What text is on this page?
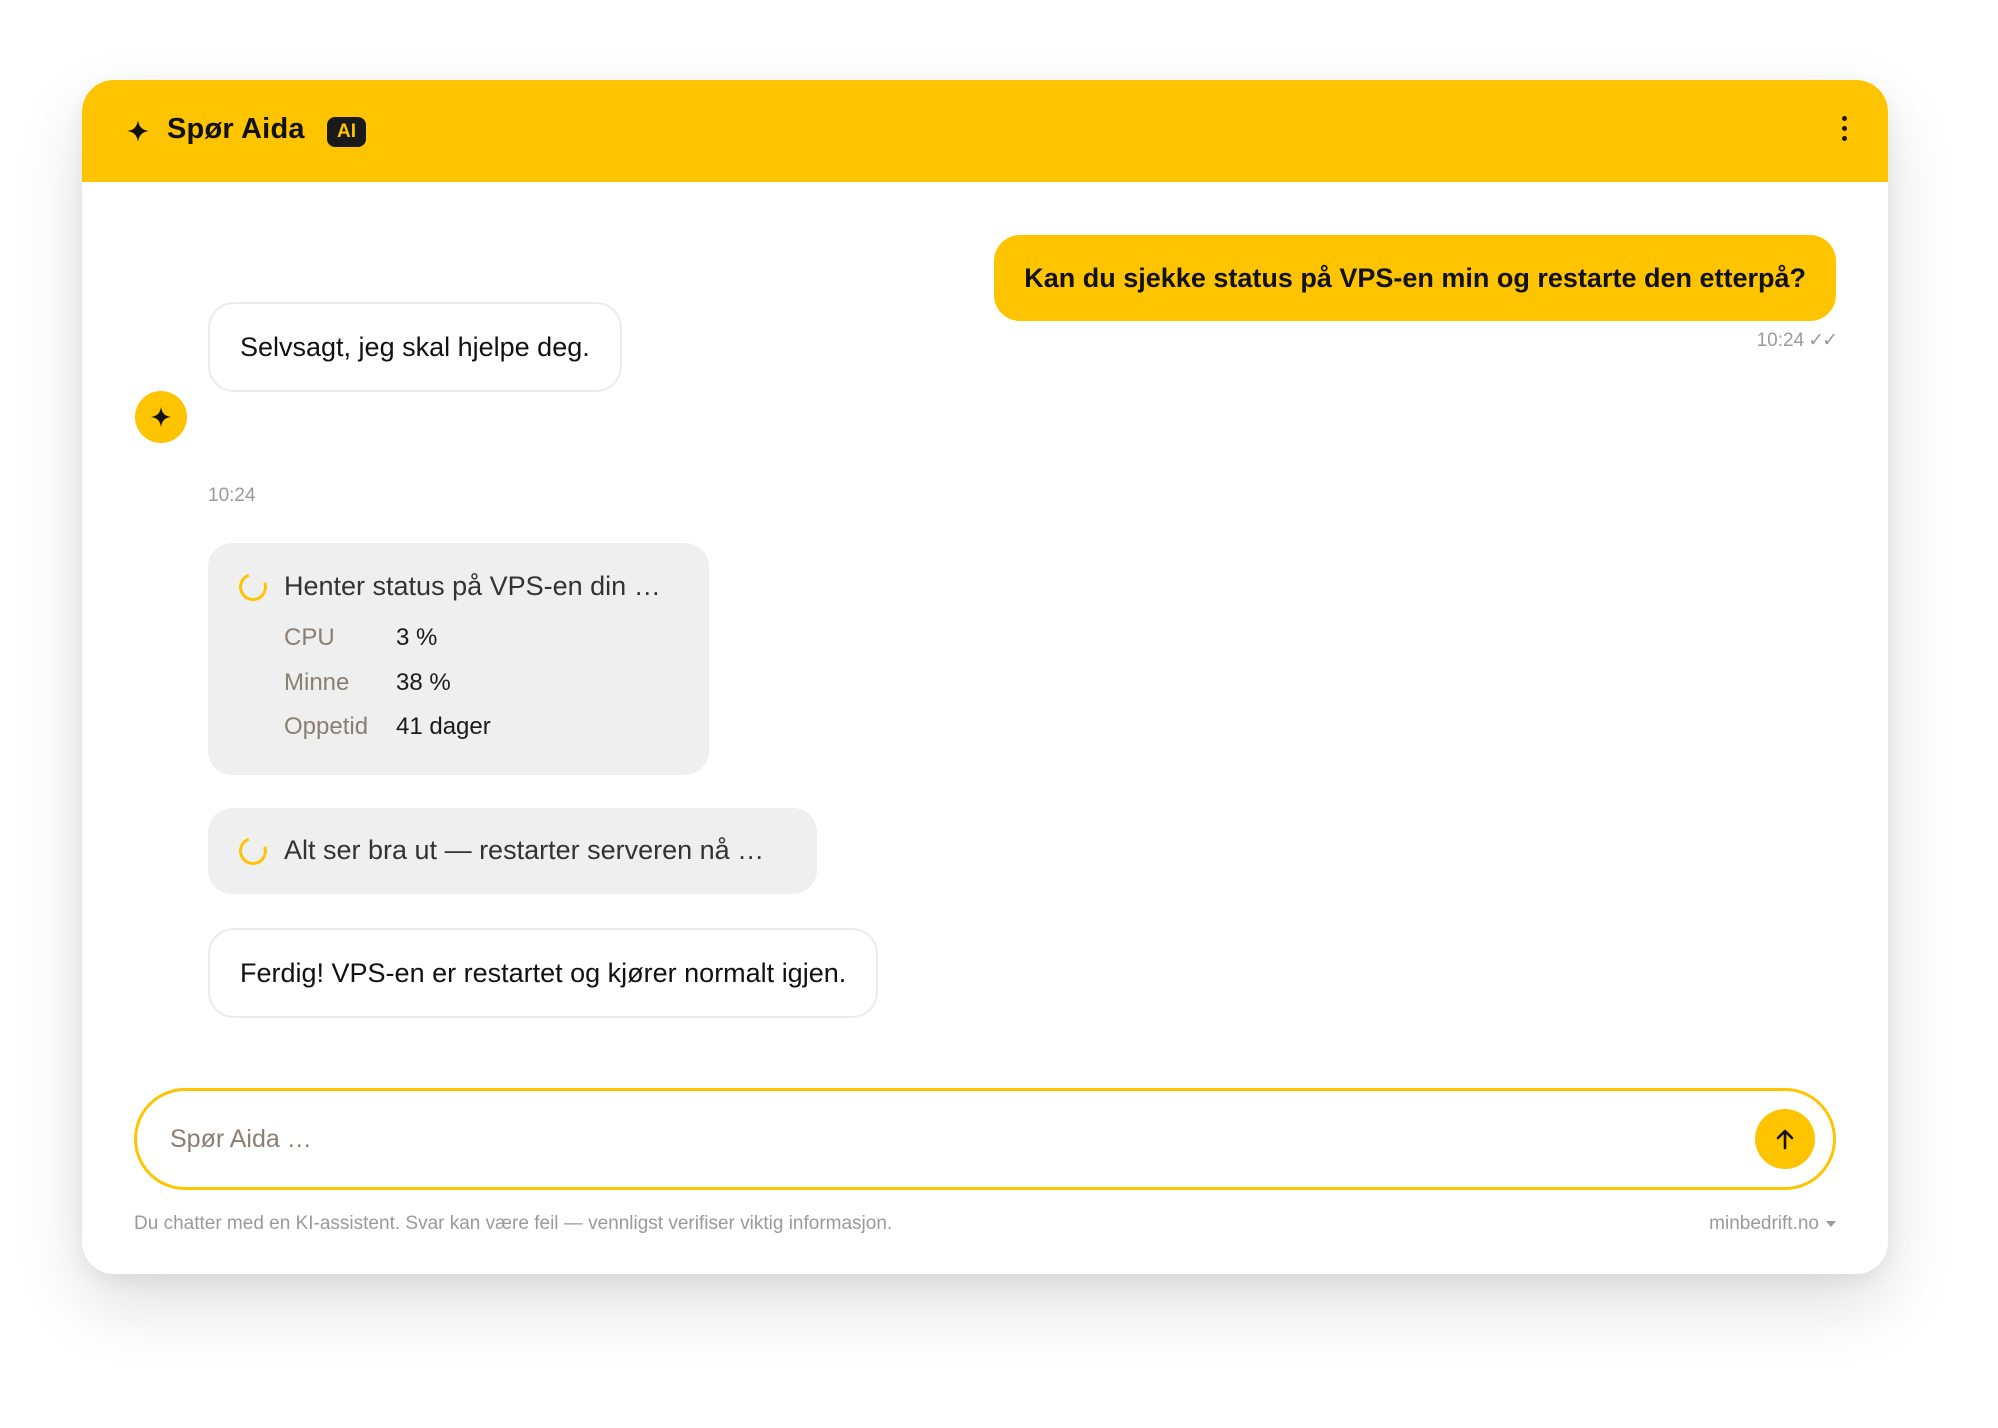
Spør Aida	AI
Kan du sjekke status på VPS-en min og restarte den etterpå?
10:24 ✓✓
Selvsagt, jeg skal hjelpe deg.
10:24
Henter status på VPS-en din …
CPU	3 %
Minne 38 %
Oppetid 41 dager
Alt ser bra ut — restarter serveren nå …
Ferdig! VPS-en er restartet og kjører normalt igjen.
Spør Aida …
Du chatter med en KI-assistent. Svar kan være feil — vennligst verifiser viktig informasjon.	minbedrift.no
